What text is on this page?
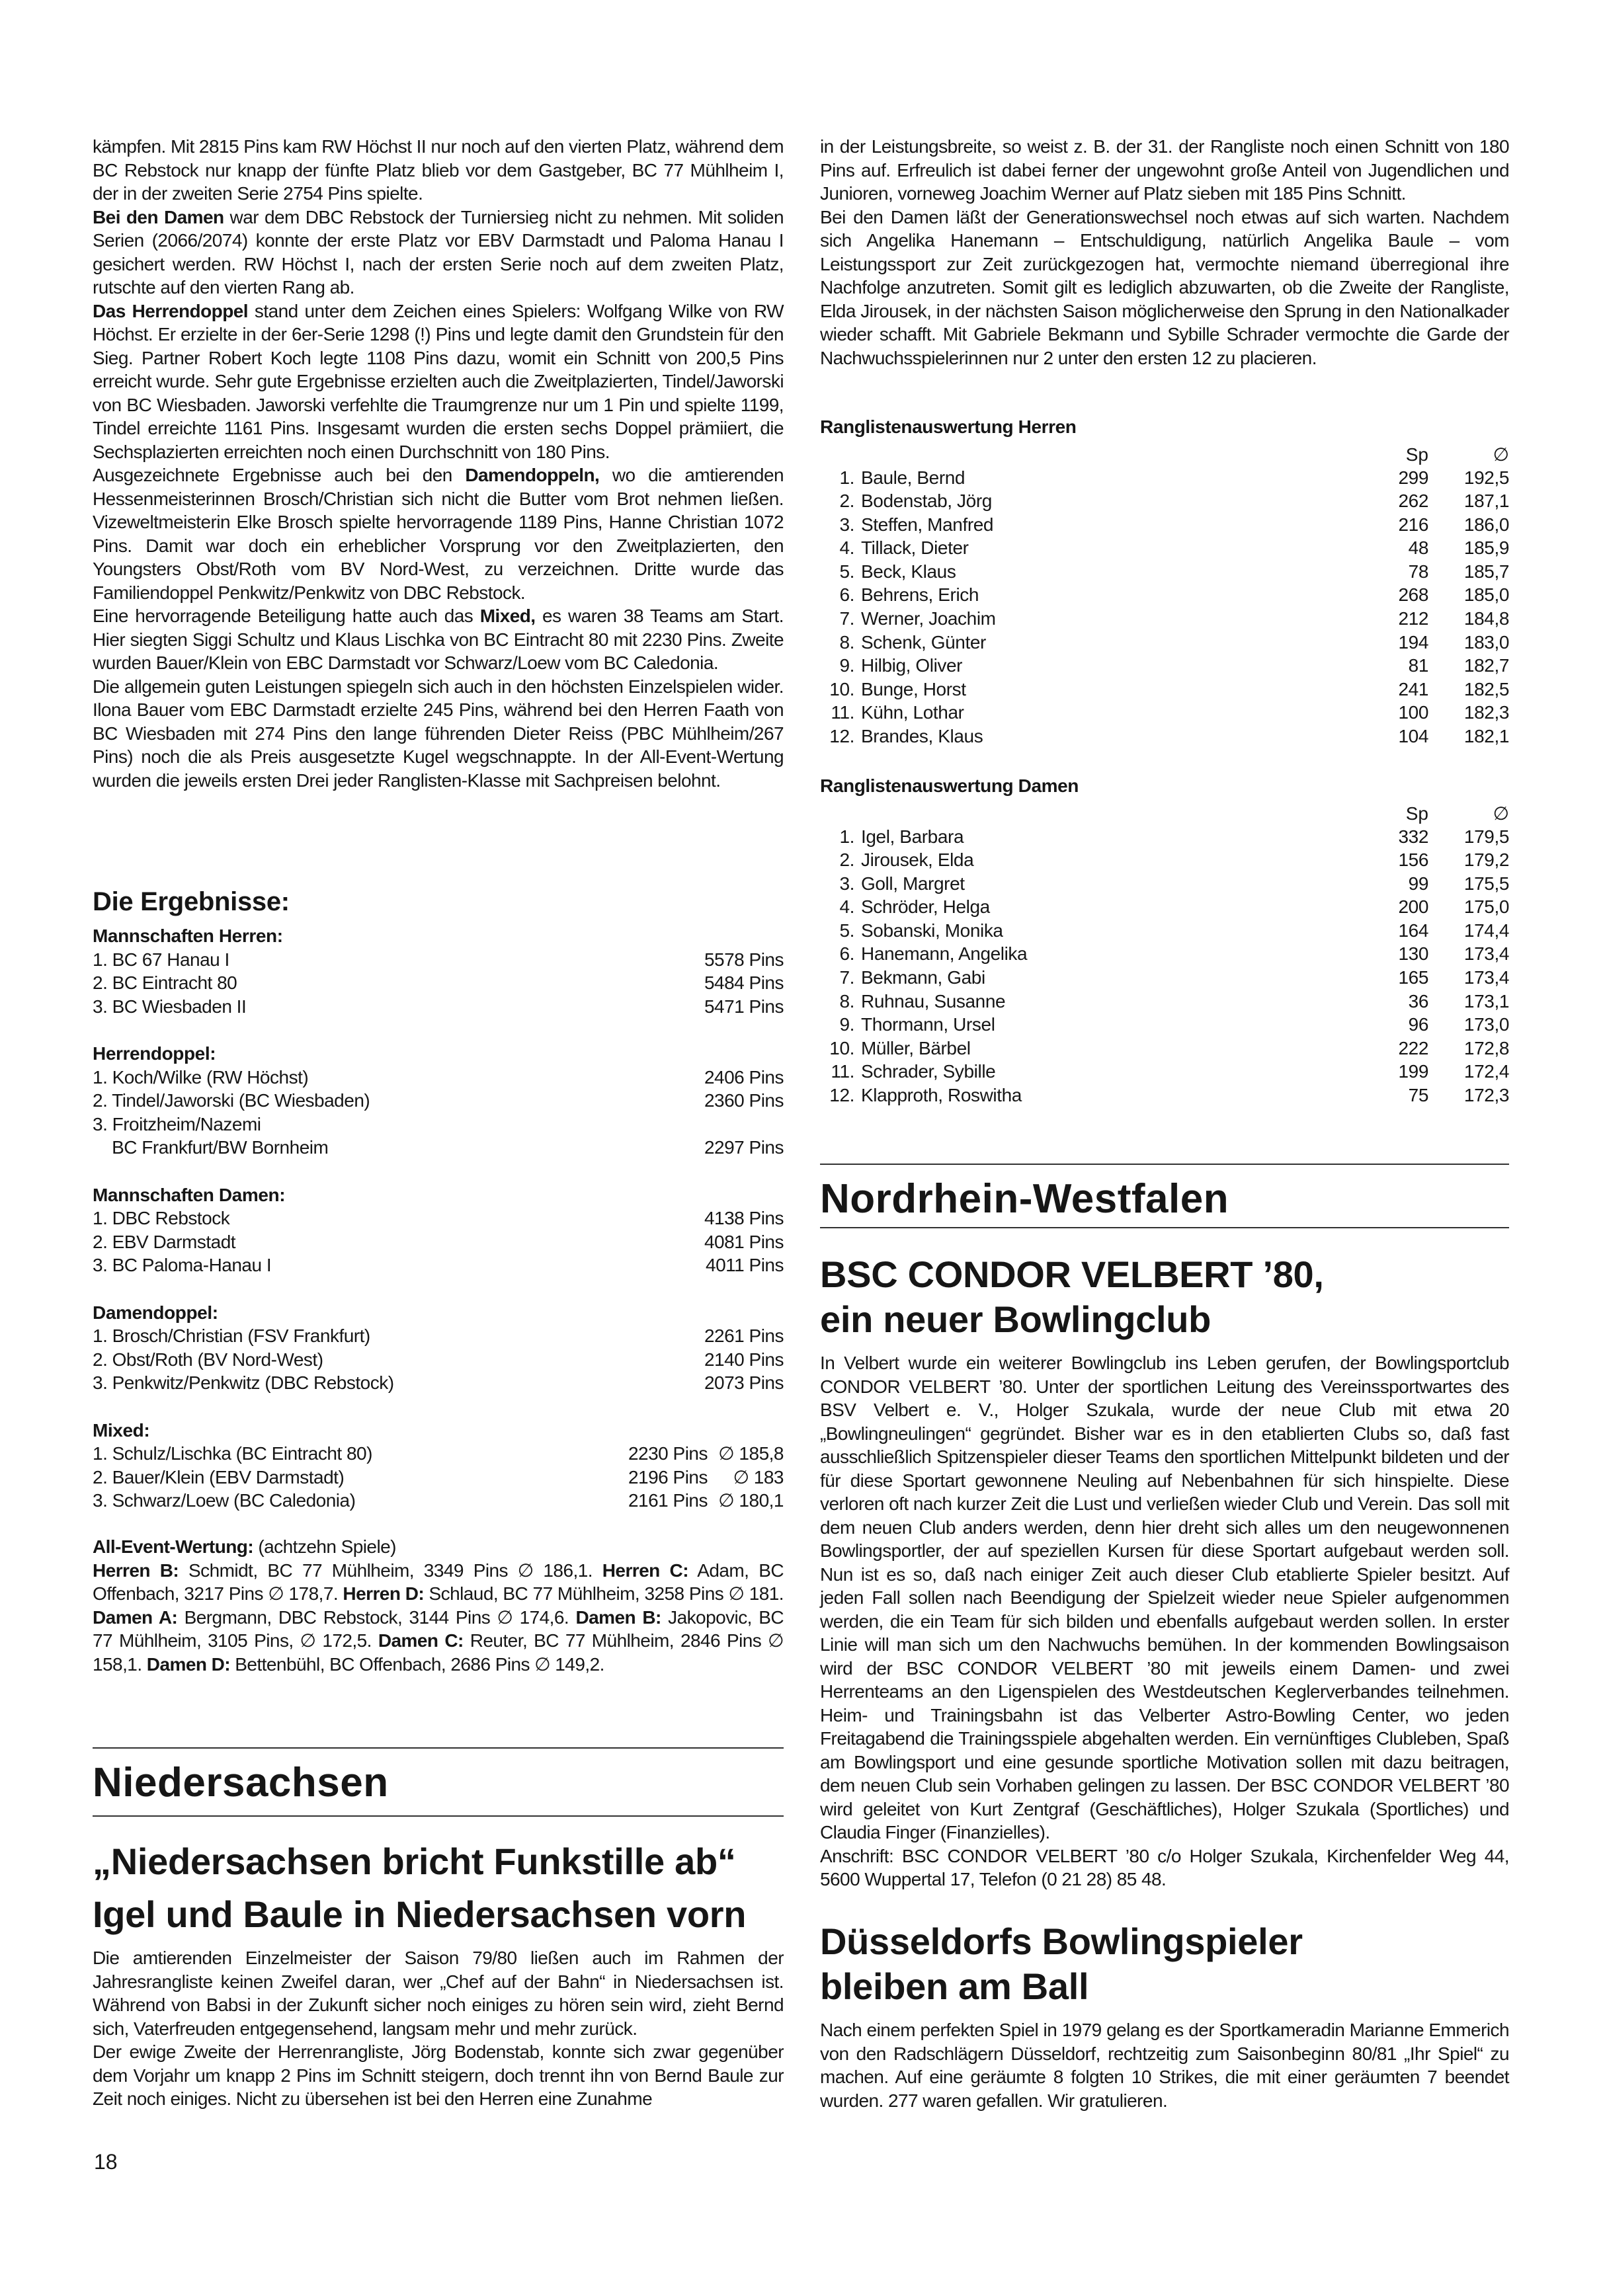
kämpfen. Mit 2815 Pins kam RW Höchst II nur noch auf den vierten Platz, während dem BC Rebstock nur knapp der fünfte Platz blieb vor dem Gastgeber, BC 77 Mühlheim I, der in der zweiten Serie 2754 Pins spielte.

Bei den Damen war dem DBC Rebstock der Turniersieg nicht zu nehmen. Mit soliden Serien (2066/2074) konnte der erste Platz vor EBV Darmstadt und Paloma Hanau I gesichert werden. RW Höchst I, nach der ersten Serie noch auf dem zweiten Platz, rutschte auf den vierten Rang ab.

Das Herrendoppel stand unter dem Zeichen eines Spielers: Wolfgang Wilke von RW Höchst. Er erzielte in der 6er-Serie 1298 (!) Pins und legte damit den Grundstein für den Sieg. Partner Robert Koch legte 1108 Pins dazu, womit ein Schnitt von 200,5 Pins erreicht wurde. Sehr gute Ergebnisse erzielten auch die Zweitplazierten, Tindel/Jaworski von BC Wiesbaden. Jaworski verfehlte die Traumgrenze nur um 1 Pin und spielte 1199, Tindel erreichte 1161 Pins. Insgesamt wurden die ersten sechs Doppel prämiiert, die Sechsplazierten erreichten noch einen Durchschnitt von 180 Pins.

Ausgezeichnete Ergebnisse auch bei den Damendoppeln, wo die amtierenden Hessenmeisterinnen Brosch/Christian sich nicht die Butter vom Brot nehmen ließen. Vizeweltmeisterin Elke Brosch spielte hervorragende 1189 Pins, Hanne Christian 1072 Pins. Damit war doch ein erheblicher Vorsprung vor den Zweitplazierten, den Youngsters Obst/Roth vom BV Nord-West, zu verzeichnen. Dritte wurde das Familiendoppel Penkwitz/Penkwitz von DBC Rebstock.

Eine hervorragende Beteiligung hatte auch das Mixed, es waren 38 Teams am Start. Hier siegten Siggi Schultz und Klaus Lischka von BC Eintracht 80 mit 2230 Pins. Zweite wurden Bauer/Klein von EBC Darmstadt vor Schwarz/Loew vom BC Caledonia.

Die allgemein guten Leistungen spiegeln sich auch in den höchsten Einzelspielen wider. Ilona Bauer vom EBC Darmstadt erzielte 245 Pins, während bei den Herren Faath von BC Wiesbaden mit 274 Pins den lange führenden Dieter Reiss (PBC Mühlheim/267 Pins) noch die als Preis ausgesetzte Kugel wegschnappte. In der All-Event-Wertung wurden die jeweils ersten Drei jeder Ranglisten-Klasse mit Sachpreisen belohnt.

Die Ergebnisse:
Mannschaften Herren:
1. BC 67 Hanau I	5578 Pins
2. BC Eintracht 80	5484 Pins
3. BC Wiesbaden II	5471 Pins
Herrendoppel:
1. Koch/Wilke (RW Höchst)	2406 Pins
2. Tindel/Jaworski (BC Wiesbaden)	2360 Pins
3. Froitzheim/Nazemi
BC Frankfurt/BW Bornheim	2297 Pins
Mannschaften Damen:
1. DBC Rebstock	4138 Pins
2. EBV Darmstadt	4081 Pins
3. BC Paloma-Hanau I	4011 Pins
Damendoppel:
1. Brosch/Christian (FSV Frankfurt)	2261 Pins
2. Obst/Roth (BV Nord-West)	2140 Pins
3. Penkwitz/Penkwitz (DBC Rebstock)	2073 Pins
Mixed:
1. Schulz/Lischka (BC Eintracht 80)	2230 Pins ∅ 185,8
2. Bauer/Klein (EBV Darmstadt)	2196 Pins	∅ 183
3. Schwarz/Loew (BC Caledonia)	2161 Pins ∅ 180,1

All-Event-Wertung: (achtzehn Spiele)

Herren B: Schmidt, BC 77 Mühlheim, 3349 Pins ∅ 186,1. Herren C: Adam, BC Offenbach, 3217 Pins ∅ 178,7. Herren D: Schlaud, BC 77 Mühlheim, 3258 Pins ∅ 181. Damen A: Bergmann, DBC Rebstock, 3144 Pins ∅ 174,6. Damen B: Jakopovic, BC 77 Mühlheim, 3105 Pins, ∅ 172,5. Damen C: Reuter, BC 77 Mühlheim, 2846 Pins ∅ 158,1. Damen D: Bettenbühl, BC Offenbach, 2686 Pins ∅ 149,2.

Niedersachsen
„Niedersachsen bricht Funkstille ab“
Igel und Baule in Niedersachsen vorn

Die amtierenden Einzelmeister der Saison 79/80 ließen auch im Rahmen der Jahresrangliste keinen Zweifel daran, wer „Chef auf der Bahn“ in Niedersachsen ist. Während von Babsi in der Zukunft sicher noch einiges zu hören sein wird, zieht Bernd sich, Vaterfreuden entgegensehend, langsam mehr und mehr zurück.

Der ewige Zweite der Herrenrangliste, Jörg Bodenstab, konnte sich zwar gegenüber dem Vorjahr um knapp 2 Pins im Schnitt steigern, doch trennt ihn von Bernd Baule zur Zeit noch einiges. Nicht zu übersehen ist bei den Herren eine Zunahme

18

in der Leistungsbreite, so weist z. B. der 31. der Rangliste noch einen Schnitt von 180 Pins auf. Erfreulich ist dabei ferner der ungewohnt große Anteil von Jugendlichen und Junioren, vorneweg Joachim Werner auf Platz sieben mit 185 Pins Schnitt.

Bei den Damen läßt der Generationswechsel noch etwas auf sich warten. Nachdem sich Angelika Hanemann – Entschuldigung, natürlich Angelika Baule – vom Leistungssport zur Zeit zurückgezogen hat, vermochte niemand überregional ihre Nachfolge anzutreten. Somit gilt es lediglich abzuwarten, ob die Zweite der Rangliste, Elda Jirousek, in der nächsten Saison möglicherweise den Sprung in den Nationalkader wieder schafft. Mit Gabriele Bekmann und Sybille Schrader vermochte die Garde der Nachwuchsspielerinnen nur 2 unter den ersten 12 zu placieren.

Ranglistenauswertung Herren
Sp	∅
1. Baule, Bernd	299	192,5
2. Bodenstab, Jörg	262	187,1
3. Steffen, Manfred	216	186,0
4. Tillack, Dieter	48	185,9
5. Beck, Klaus	78	185,7
6. Behrens, Erich	268	185,0
7. Werner, Joachim	212	184,8
8. Schenk, Günter	194	183,0
9. Hilbig, Oliver	81	182,7
10. Bunge, Horst	241	182,5
11. Kühn, Lothar	100	182,3
12. Brandes, Klaus	104	182,1
Ranglistenauswertung Damen
Sp	∅
1. Igel, Barbara	332	179,5
2. Jirousek, Elda	156	179,2
3. Goll, Margret	99	175,5
4. Schröder, Helga	200	175,0
5. Sobanski, Monika	164	174,4
6. Hanemann, Angelika	130	173,4
7. Bekmann, Gabi	165	173,4
8. Ruhnau, Susanne	36	173,1
9. Thormann, Ursel	96	173,0
10. Müller, Bärbel	222	172,8
11. Schrader, Sybille	199	172,4
12. Klapproth, Roswitha	75	172,3
Nordrhein-Westfalen
BSC CONDOR VELBERT ’80,
ein neuer Bowlingclub

In Velbert wurde ein weiterer Bowlingclub ins Leben gerufen, der Bowlingsportclub CONDOR VELBERT ’80. Unter der sportlichen Leitung des Vereinssportwartes des BSV Velbert e. V., Holger Szukala, wurde der neue Club mit etwa 20 „Bowlingneulingen“ gegründet. Bisher war es in den etablierten Clubs so, daß fast ausschließlich Spitzenspieler dieser Teams den sportlichen Mittelpunkt bildeten und der für diese Sportart gewonnene Neuling auf Nebenbahnen für sich hinspielte. Diese verloren oft nach kurzer Zeit die Lust und verließen wieder Club und Verein. Das soll mit dem neuen Club anders werden, denn hier dreht sich alles um den neugewonnenen Bowlingsportler, der auf speziellen Kursen für diese Sportart aufgebaut werden soll. Nun ist es so, daß nach einiger Zeit auch dieser Club etablierte Spieler besitzt. Auf jeden Fall sollen nach Beendigung der Spielzeit wieder neue Spieler aufgenommen werden, die ein Team für sich bilden und ebenfalls aufgebaut werden sollen. In erster Linie will man sich um den Nachwuchs bemühen. In der kommenden Bowlingsaison wird der BSC CONDOR VELBERT ’80 mit jeweils einem Damen- und zwei Herrenteams an den Ligenspielen des Westdeutschen Keglerverbandes teilnehmen. Heim- und Trainingsbahn ist das Velberter Astro-Bowling Center, wo jeden Freitagabend die Trainingsspiele abgehalten werden. Ein vernünftiges Clubleben, Spaß am Bowlingsport und eine gesunde sportliche Motivation sollen mit dazu beitragen, dem neuen Club sein Vorhaben gelingen zu lassen. Der BSC CONDOR VELBERT ’80 wird geleitet von Kurt Zentgraf (Geschäftliches), Holger Szukala (Sportliches) und Claudia Finger (Finanzielles).

Anschrift: BSC CONDOR VELBERT ’80 c/o Holger Szukala, Kirchenfelder Weg 44, 5600 Wuppertal 17, Telefon (0 21 28) 85 48.

Düsseldorfs Bowlingspieler
bleiben am Ball

Nach einem perfekten Spiel in 1979 gelang es der Sportkameradin Marianne Emmerich von den Radschlägern Düsseldorf, rechtzeitig zum Saisonbeginn 80/81 „Ihr Spiel“ zu machen. Auf eine geräumte 8 folgten 10 Strikes, die mit einer geräumten 7 beendet wurden. 277 waren gefallen. Wir gratulieren.
